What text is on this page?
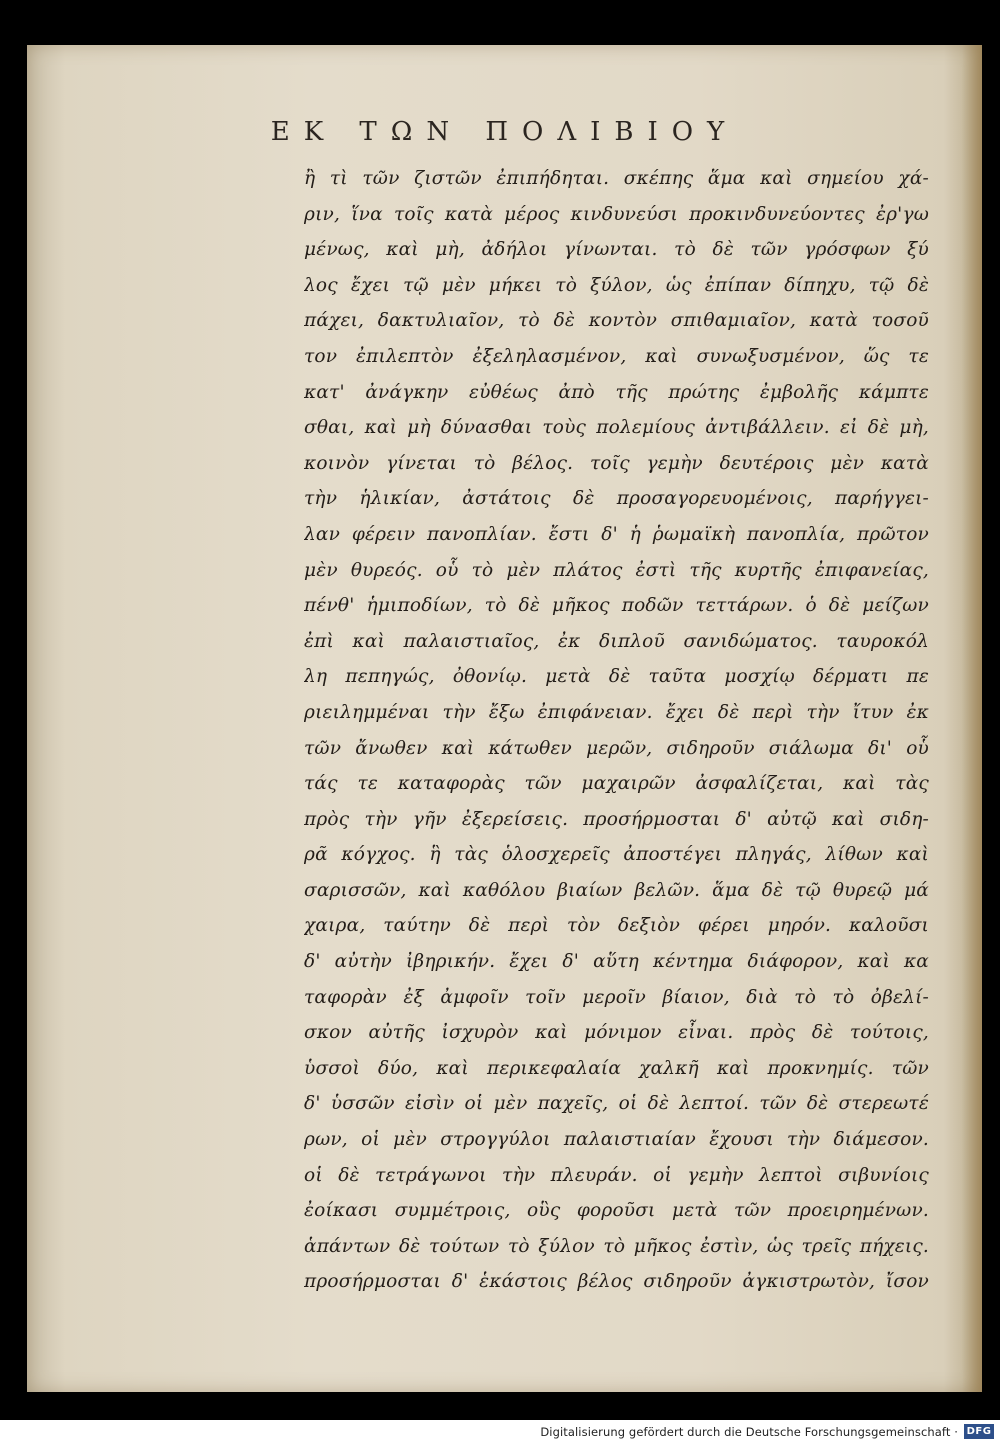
ΕΚ ΤΩΝ ΠΟΛΙΒΙΟΥ
ἢ τὶ τῶν ζιστῶν ἐπιπήδηται. σκέπης ἅμα καὶ σημείου χά-
ριν, ἵνα τοῖς κατὰ μέρος κινδυνεύσι προκινδυνεύοντες ἐρ'γω
μένως, καὶ μὴ, ἀδήλοι γίνωνται. τὸ δὲ τῶν γρόσφων ξύ
λος ἔχει τῷ μὲν μήκει τὸ ξύλον, ὡς ἐπίπαν δίπηχυ, τῷ δὲ
πάχει, δακτυλιαῖον, τὸ δὲ κοντὸν σπιθαμιαῖον, κατὰ τοσοῦ
τον ἐπιλεπτὸν ἐξεληλασμένον, καὶ συνωξυσμένον, ὥς τε
κατ' ἀνάγκην εὐθέως ἀπὸ τῆς πρώτης ἐμβολῆς κάμπτε
σθαι, καὶ μὴ δύνασθαι τοὺς πολεμίους ἀντιβάλλειν. εἰ δὲ μὴ,
κοινὸν γίνεται τὸ βέλος. τοῖς γεμὴν δευτέροις μὲν κατὰ
τὴν ἡλικίαν, ἀστάτοις δὲ προσαγορευομένοις, παρήγγει-
λαν φέρειν πανοπλίαν. ἔστι δ' ἡ ῥωμαϊκὴ πανοπλία, πρῶτον
μὲν θυρεός. οὗ τὸ μὲν πλάτος ἐστὶ τῆς κυρτῆς ἐπιφανείας,
πένθ' ἡμιποδίων, τὸ δὲ μῆκος ποδῶν τεττάρων. ὁ δὲ μείζων
ἐπὶ καὶ παλαιστιαῖος, ἐκ διπλοῦ σανιδώματος. ταυροκόλ
λη πεπηγώς, ὀθονίῳ. μετὰ δὲ ταῦτα μοσχίῳ δέρματι πε
ριειλημμέναι τὴν ἔξω ἐπιφάνειαν. ἔχει δὲ περὶ τὴν ἴτυν ἐκ
τῶν ἄνωθεν καὶ κάτωθεν μερῶν, σιδηροῦν σιάλωμα δι' οὗ
τάς τε καταφορὰς τῶν μαχαιρῶν ἀσφαλίζεται, καὶ τὰς
πρὸς τὴν γῆν ἐξερείσεις. προσήρμοσται δ' αὐτῷ καὶ σιδη-
ρᾶ κόγχος. ἣ τὰς ὁλοσχερεῖς ἀποστέγει πληγάς, λίθων καὶ
σαρισσῶν, καὶ καθόλου βιαίων βελῶν. ἅμα δὲ τῷ θυρεῷ μά
χαιρα, ταύτην δὲ περὶ τὸν δεξιὸν φέρει μηρόν. καλοῦσι
δ' αὐτὴν ἰβηρικήν. ἔχει δ' αὕτη κέντημα διάφορον, καὶ κα
ταφορὰν ἐξ ἀμφοῖν τοῖν μεροῖν βίαιον, διὰ τὸ τὸ ὀβελί-
σκον αὐτῆς ἰσχυρὸν καὶ μόνιμον εἶναι. πρὸς δὲ τούτοις,
ὑσσοὶ δύο, καὶ περικεφαλαία χαλκῆ καὶ προκνημίς. τῶν
δ' ὑσσῶν εἰσὶν οἱ μὲν παχεῖς, οἱ δὲ λεπτοί. τῶν δὲ στερεωτέ
ρων, οἱ μὲν στρογγύλοι παλαιστιαίαν ἔχουσι τὴν διάμεσον.
οἱ δὲ τετράγωνοι τὴν πλευράν. οἱ γεμὴν λεπτοὶ σιβυνίοις
ἐοίκασι συμμέτροις, οὓς φοροῦσι μετὰ τῶν προειρημένων.
ἁπάντων δὲ τούτων τὸ ξύλον τὸ μῆκος ἐστὶν, ὡς τρεῖς πήχεις.
προσήρμοσται δ' ἑκάστοις βέλος σιδηροῦν ἀγκιστρωτὸν, ἴσον
Digitalisierung gefördert durch die Deutsche Forschungsgemeinschaft · DFG
